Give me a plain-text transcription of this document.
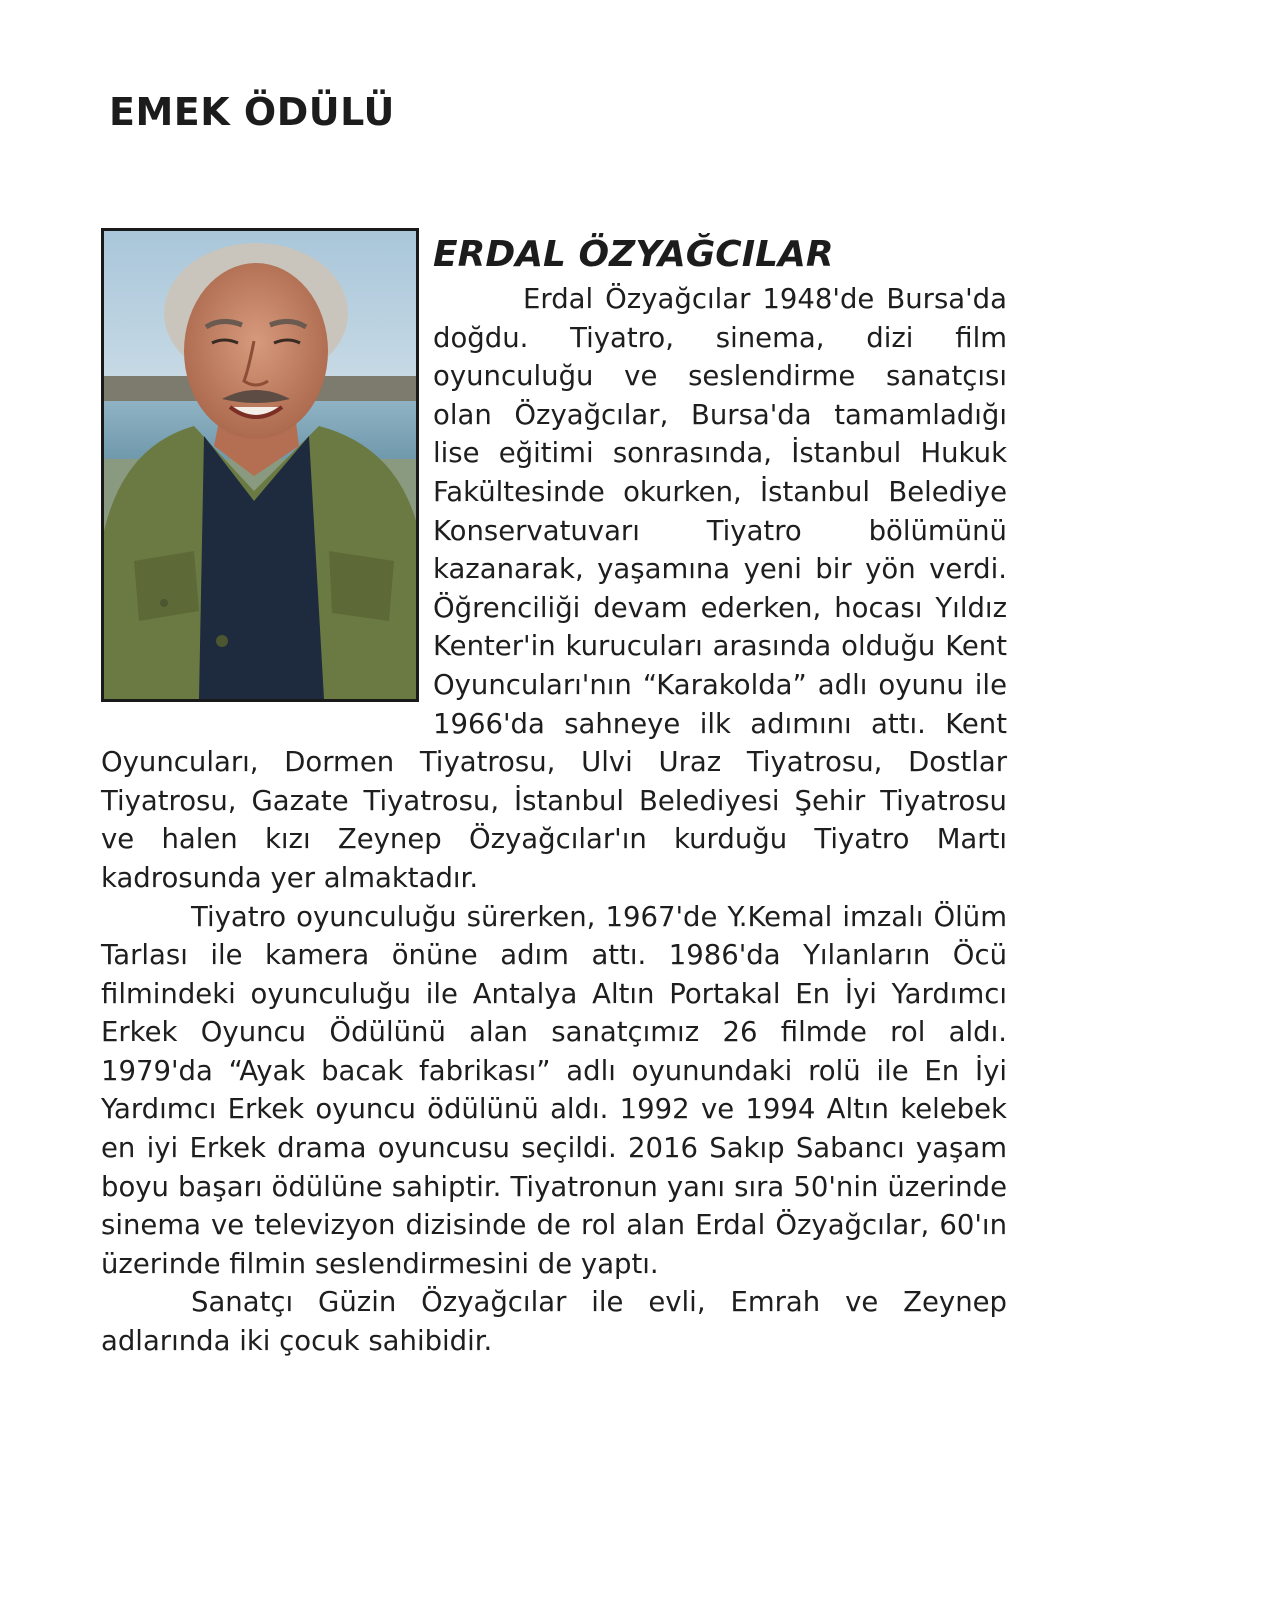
EMEK ÖDÜLÜ
ERDAL ÖZYAĞCILAR

Erdal Özyağcılar 1948'de Bursa'da doğdu. Tiyatro, sinema, dizi film oyunculuğu ve seslendirme sanatçısı olan Özyağcılar, Bursa'da tamamladığı lise eğitimi sonrasında, İstanbul Hukuk Fakültesinde okurken, İstanbul Belediye Konservatuvarı Tiyatro bölümünü kazanarak, yaşamına yeni bir yön verdi. Öğrenciliği devam ederken, hocası Yıldız Kenter'in kurucuları arasında olduğu Kent Oyuncuları'nın “Karakolda” adlı oyunu ile 1966'da sahneye ilk adımını attı. Kent Oyuncuları, Dormen Tiyatrosu, Ulvi Uraz Tiyatrosu, Dostlar Tiyatrosu, Gazate Tiyatrosu, İstanbul Belediyesi Şehir Tiyatrosu ve halen kızı Zeynep Özyağcılar'ın kurduğu Tiyatro Martı kadrosunda yer almaktadır.

Tiyatro oyunculuğu sürerken, 1967'de Y.Kemal imzalı Ölüm Tarlası ile kamera önüne adım attı. 1986'da Yılanların Öcü filmindeki oyunculuğu ile Antalya Altın Portakal En İyi Yardımcı Erkek Oyuncu Ödülünü alan sanatçımız 26 filmde rol aldı. 1979'da “Ayak bacak fabrikası” adlı oyunundaki rolü ile En İyi Yardımcı Erkek oyuncu ödülünü aldı. 1992 ve 1994 Altın kelebek en iyi Erkek drama oyuncusu seçildi. 2016 Sakıp Sabancı yaşam boyu başarı ödülüne sahiptir. Tiyatronun yanı sıra 50'nin üzerinde sinema ve televizyon dizisinde de rol alan Erdal Özyağcılar, 60'ın üzerinde filmin seslendirmesini de yaptı.

Sanatçı Güzin Özyağcılar ile evli, Emrah ve Zeynep adlarında iki çocuk sahibidir.
